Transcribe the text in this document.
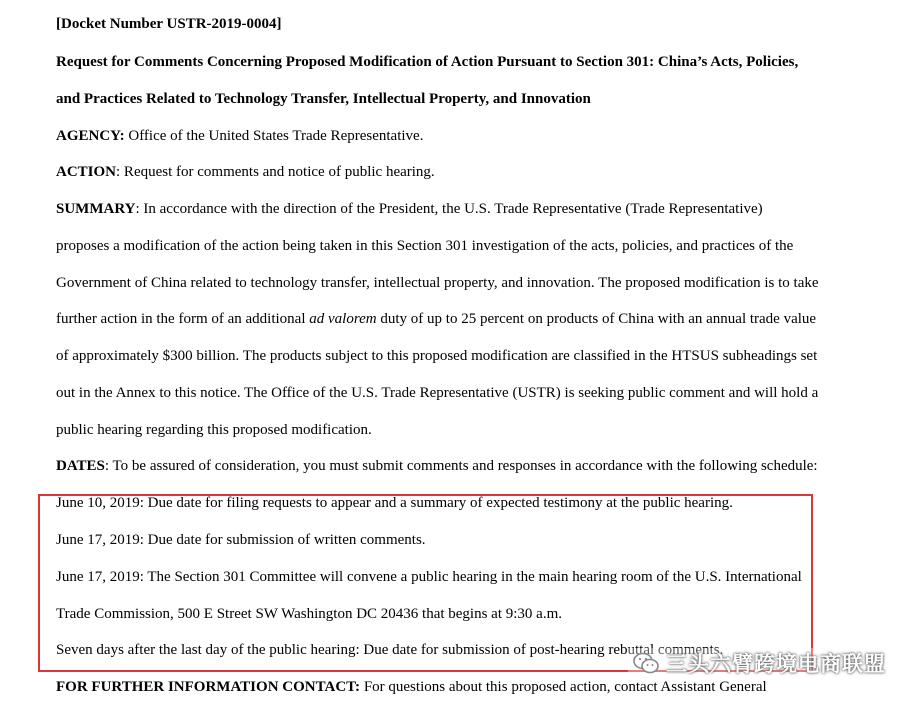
[Docket Number USTR-2019-0004]
Request for Comments Concerning Proposed Modification of Action Pursuant to Section 301: China’s Acts, Policies,
and Practices Related to Technology Transfer, Intellectual Property, and Innovation
AGENCY: Office of the United States Trade Representative.
ACTION: Request for comments and notice of public hearing.
SUMMARY: In accordance with the direction of the President, the U.S. Trade Representative (Trade Representative)
proposes a modification of the action being taken in this Section 301 investigation of the acts, policies, and practices of the
Government of China related to technology transfer, intellectual property, and innovation. The proposed modification is to take
further action in the form of an additional ad valorem duty of up to 25 percent on products of China with an annual trade value
of approximately $300 billion. The products subject to this proposed modification are classified in the HTSUS subheadings set
out in the Annex to this notice. The Office of the U.S. Trade Representative (USTR) is seeking public comment and will hold a
public hearing regarding this proposed modification.
DATES: To be assured of consideration, you must submit comments and responses in accordance with the following schedule:
June 10, 2019: Due date for filing requests to appear and a summary of expected testimony at the public hearing.
June 17, 2019: Due date for submission of written comments.
June 17, 2019: The Section 301 Committee will convene a public hearing in the main hearing room of the U.S. International
Trade Commission, 500 E Street SW Washington DC 20436 that begins at 9:30 a.m.
Seven days after the last day of the public hearing: Due date for submission of post-hearing rebuttal comments.
FOR FURTHER INFORMATION CONTACT: For questions about this proposed action, contact Assistant General
三头六臂跨境电商联盟
